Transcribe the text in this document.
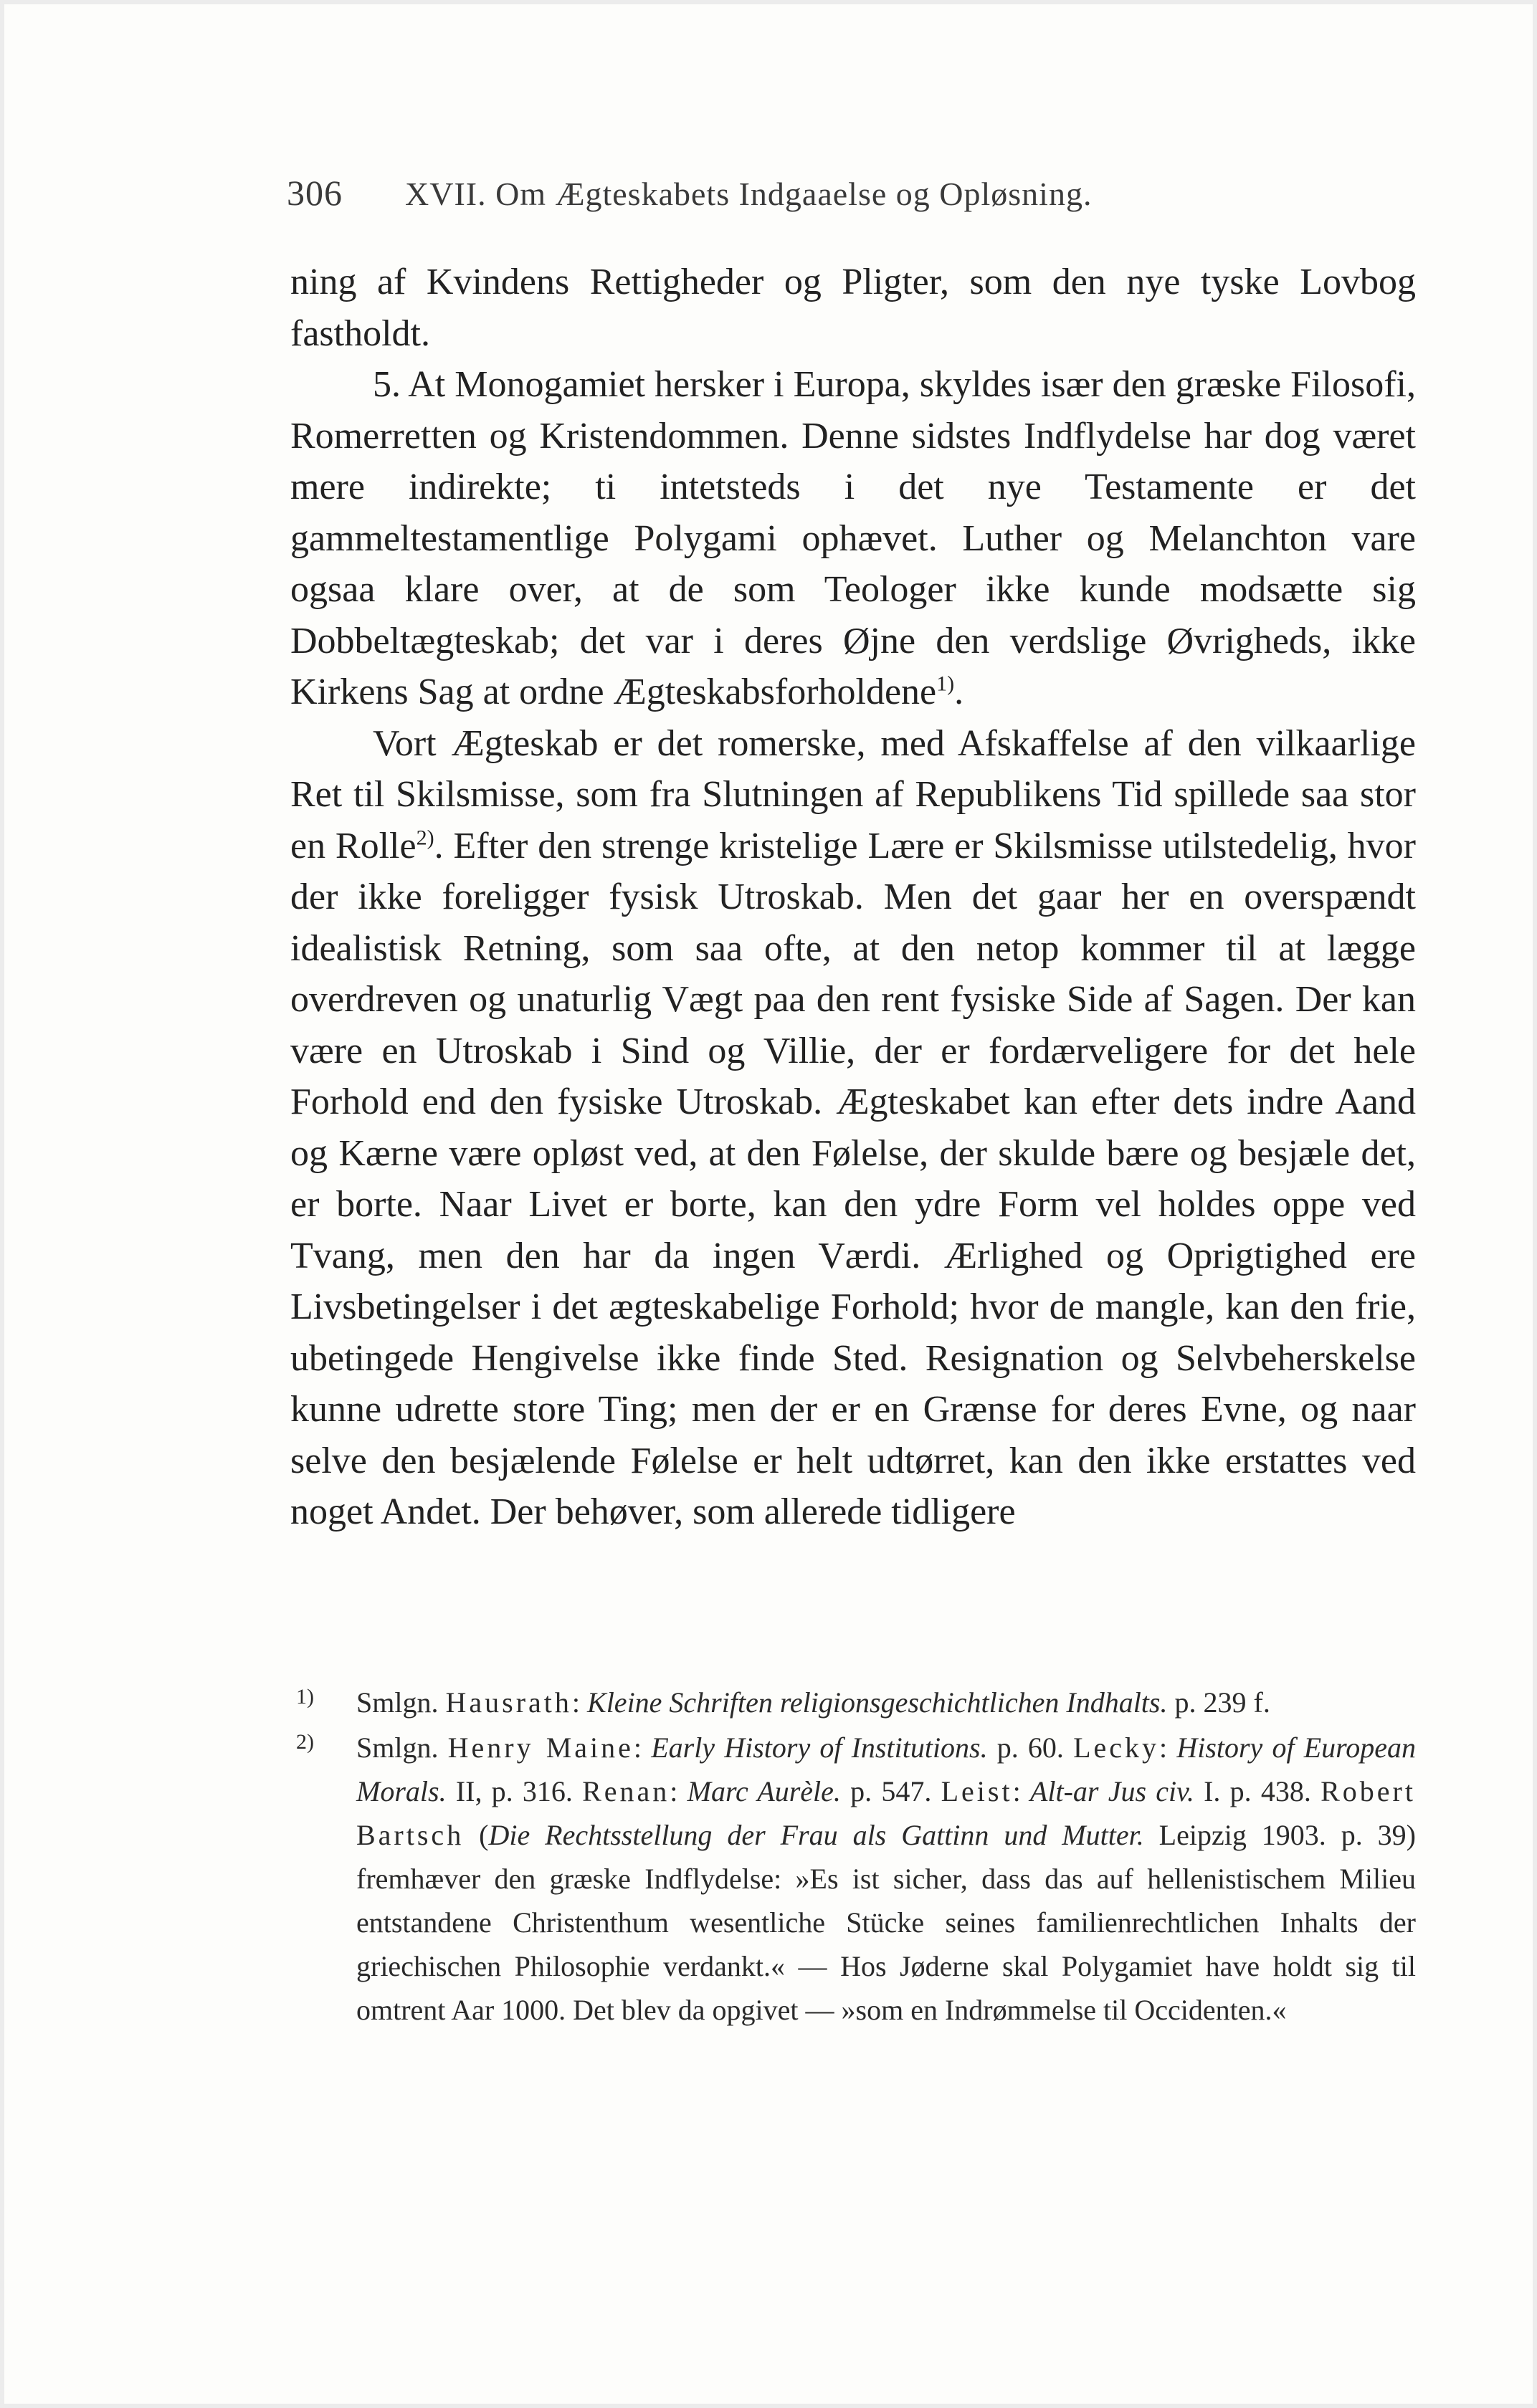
306	XVII. Om Ægteskabets Indgaaelse og Opløsning.

ning af Kvindens Rettigheder og Pligter, som den nye tyske Lovbog fastholdt.

5. At Monogamiet hersker i Europa, skyldes især den græske Filosofi, Romerretten og Kristendommen. Denne sidstes Indflydelse har dog været mere indirekte; ti intetsteds i det nye Testamente er det gammeltestamentlige Polygami ophævet. Luther og Melanchton vare ogsaa klare over, at de som Teologer ikke kunde modsætte sig Dobbeltægteskab; det var i deres Øjne den verdslige Øvrigheds, ikke Kirkens Sag at ordne Ægteskabsforholdene$^{1)}$.

Vort Ægteskab er det romerske, med Afskaffelse af den vilkaarlige Ret til Skilsmisse, som fra Slutningen af Republikens Tid spillede saa stor en Rolle$^{2)}$. Efter den strenge kristelige Lære er Skilsmisse utilstedelig, hvor der ikke foreligger fysisk Utroskab. Men det gaar her en overspændt idealistisk Retning, som saa ofte, at den netop kommer til at lægge overdreven og unaturlig Vægt paa den rent fysiske Side af Sagen. Der kan være en Utroskab i Sind og Villie, der er fordærveligere for det hele Forhold end den fysiske Utroskab. Ægteskabet kan efter dets indre Aand og Kærne være opløst ved, at den Følelse, der skulde bære og besjæle det, er borte. Naar Livet er borte, kan den ydre Form vel holdes oppe ved Tvang, men den har da ingen Værdi. Ærlighed og Oprigtighed ere Livsbetingelser i det ægteskabelige Forhold; hvor de mangle, kan den frie, ubetingede Hengivelse ikke finde Sted. Resignation og Selvbeherskelse kunne udrette store Ting; men der er en Grænse for deres Evne, og naar selve den besjælende Følelse er helt udtørret, kan den ikke erstattes ved noget Andet. Der behøver, som allerede tidligere

1) Smlgn. Hausrath: Kleine Schriften religionsgeschichtlichen Indhalts. p. 239 f.

2) Smlgn. Henry Maine: Early History of Institutions. p. 60. Lecky: History of European Morals. II, p. 316. Renan: Marc Aurèle. p. 547. Leist: Alt-ar Jus civ. I. p. 438. Robert Bartsch (Die Rechtsstellung der Frau als Gattinn und Mutter. Leipzig 1903. p. 39) fremhæver den græske Indflydelse: »Es ist sicher, dass das auf hellenistischem Milieu entstandene Christenthum wesentliche Stücke seines familienrechtlichen Inhalts der griechischen Philosophie verdankt.« — Hos Jøderne skal Polygamiet have holdt sig til omtrent Aar 1000. Det blev da opgivet — »som en Indrømmelse til Occidenten.«
